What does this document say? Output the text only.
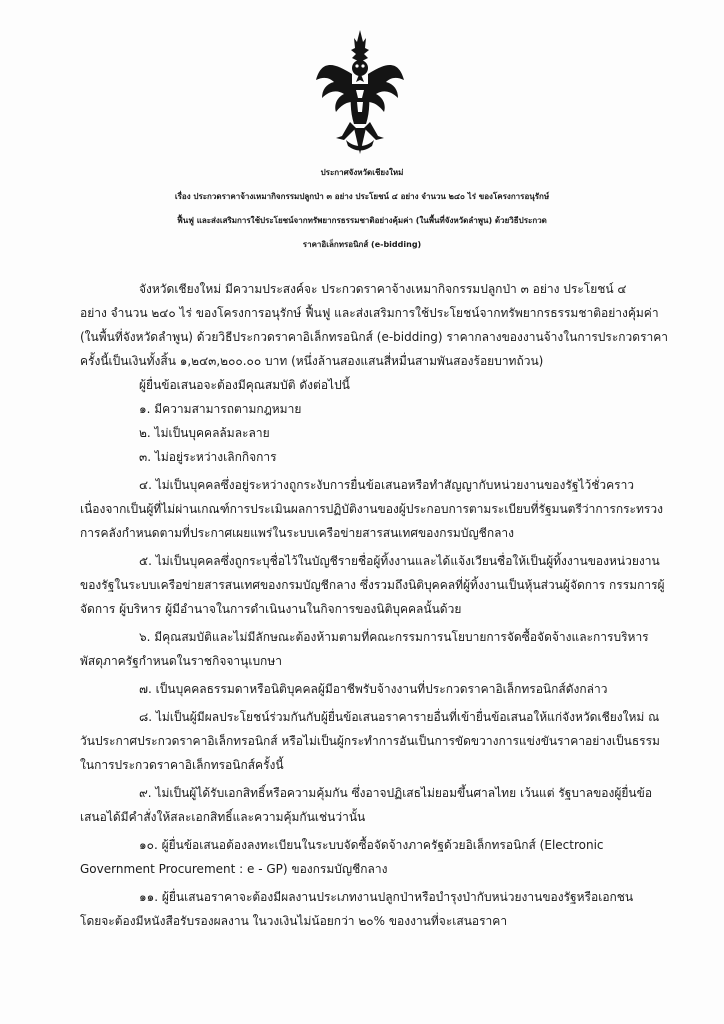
ประกาศจังหวัดเชียงใหม่
เรื่อง ประกวดราคาจ้างเหมากิจกรรมปลูกป่า ๓ อย่าง ประโยชน์ ๔ อย่าง จำนวน ๒๔๐ ไร่ ของโครงการอนุรักษ์
ฟื้นฟู และส่งเสริมการใช้ประโยชน์จากทรัพยากรธรรมชาติอย่างคุ้มค่า (ในพื้นที่จังหวัดลำพูน) ด้วยวิธีประกวด
ราคาอิเล็กทรอนิกส์ (e-bidding)
จังหวัดเชียงใหม่ มีความประสงค์จะ ประกวดราคาจ้างเหมากิจกรรมปลูกป่า ๓ อย่าง ประโยชน์ ๔
อย่าง จำนวน ๒๔๐ ไร่ ของโครงการอนุรักษ์ ฟื้นฟู และส่งเสริมการใช้ประโยชน์จากทรัพยากรธรรมชาติอย่างคุ้มค่า
(ในพื้นที่จังหวัดลำพูน) ด้วยวิธีประกวดราคาอิเล็กทรอนิกส์ (e-bidding) ราคากลางของงานจ้างในการประกวดราคา
ครั้งนี้เป็นเงินทั้งสิ้น ๑,๒๔๓,๒๐๐.๐๐ บาท (หนึ่งล้านสองแสนสี่หมื่นสามพันสองร้อยบาทถ้วน)
ผู้ยื่นข้อเสนอจะต้องมีคุณสมบัติ ดังต่อไปนี้
๑. มีความสามารถตามกฎหมาย
๒. ไม่เป็นบุคคลล้มละลาย
๓. ไม่อยู่ระหว่างเลิกกิจการ
๔. ไม่เป็นบุคคลซึ่งอยู่ระหว่างถูกระงับการยื่นข้อเสนอหรือทำสัญญากับหน่วยงานของรัฐไว้ชั่วคราว
เนื่องจากเป็นผู้ที่ไม่ผ่านเกณฑ์การประเมินผลการปฏิบัติงานของผู้ประกอบการตามระเบียบที่รัฐมนตรีว่าการกระทรวง
การคลังกำหนดตามที่ประกาศเผยแพร่ในระบบเครือข่ายสารสนเทศของกรมบัญชีกลาง
๕. ไม่เป็นบุคคลซึ่งถูกระบุชื่อไว้ในบัญชีรายชื่อผู้ทิ้งงานและได้แจ้งเวียนชื่อให้เป็นผู้ทิ้งงานของหน่วยงาน
ของรัฐในระบบเครือข่ายสารสนเทศของกรมบัญชีกลาง ซึ่งรวมถึงนิติบุคคลที่ผู้ทิ้งงานเป็นหุ้นส่วนผู้จัดการ กรรมการผู้
จัดการ ผู้บริหาร ผู้มีอำนาจในการดำเนินงานในกิจการของนิติบุคคลนั้นด้วย
๖. มีคุณสมบัติและไม่มีลักษณะต้องห้ามตามที่คณะกรรมการนโยบายการจัดซื้อจัดจ้างและการบริหาร
พัสดุภาครัฐกำหนดในราชกิจจานุเบกษา
๗. เป็นบุคคลธรรมดาหรือนิติบุคคลผู้มีอาชีพรับจ้างงานที่ประกวดราคาอิเล็กทรอนิกส์ดังกล่าว
๘. ไม่เป็นผู้มีผลประโยชน์ร่วมกันกับผู้ยื่นข้อเสนอราคารายอื่นที่เข้ายื่นข้อเสนอให้แก่จังหวัดเชียงใหม่ ณ
วันประกาศประกวดราคาอิเล็กทรอนิกส์ หรือไม่เป็นผู้กระทำการอันเป็นการขัดขวางการแข่งขันราคาอย่างเป็นธรรม
ในการประกวดราคาอิเล็กทรอนิกส์ครั้งนี้
๙. ไม่เป็นผู้ได้รับเอกสิทธิ์หรือความคุ้มกัน ซึ่งอาจปฏิเสธไม่ยอมขึ้นศาลไทย เว้นแต่ รัฐบาลของผู้ยื่นข้อ
เสนอได้มีคำสั่งให้สละเอกสิทธิ์และความคุ้มกันเช่นว่านั้น
๑๐. ผู้ยื่นข้อเสนอต้องลงทะเบียนในระบบจัดซื้อจัดจ้างภาครัฐด้วยอิเล็กทรอนิกส์ (Electronic
Government Procurement : e - GP) ของกรมบัญชีกลาง
๑๑. ผู้ยื่นเสนอราคาจะต้องมีผลงานประเภทงานปลูกป่าหรือบำรุงป่ากับหน่วยงานของรัฐหรือเอกชน
โดยจะต้องมีหนังสือรับรองผลงาน ในวงเงินไม่น้อยกว่า ๒๐% ของงานที่จะเสนอราคา
